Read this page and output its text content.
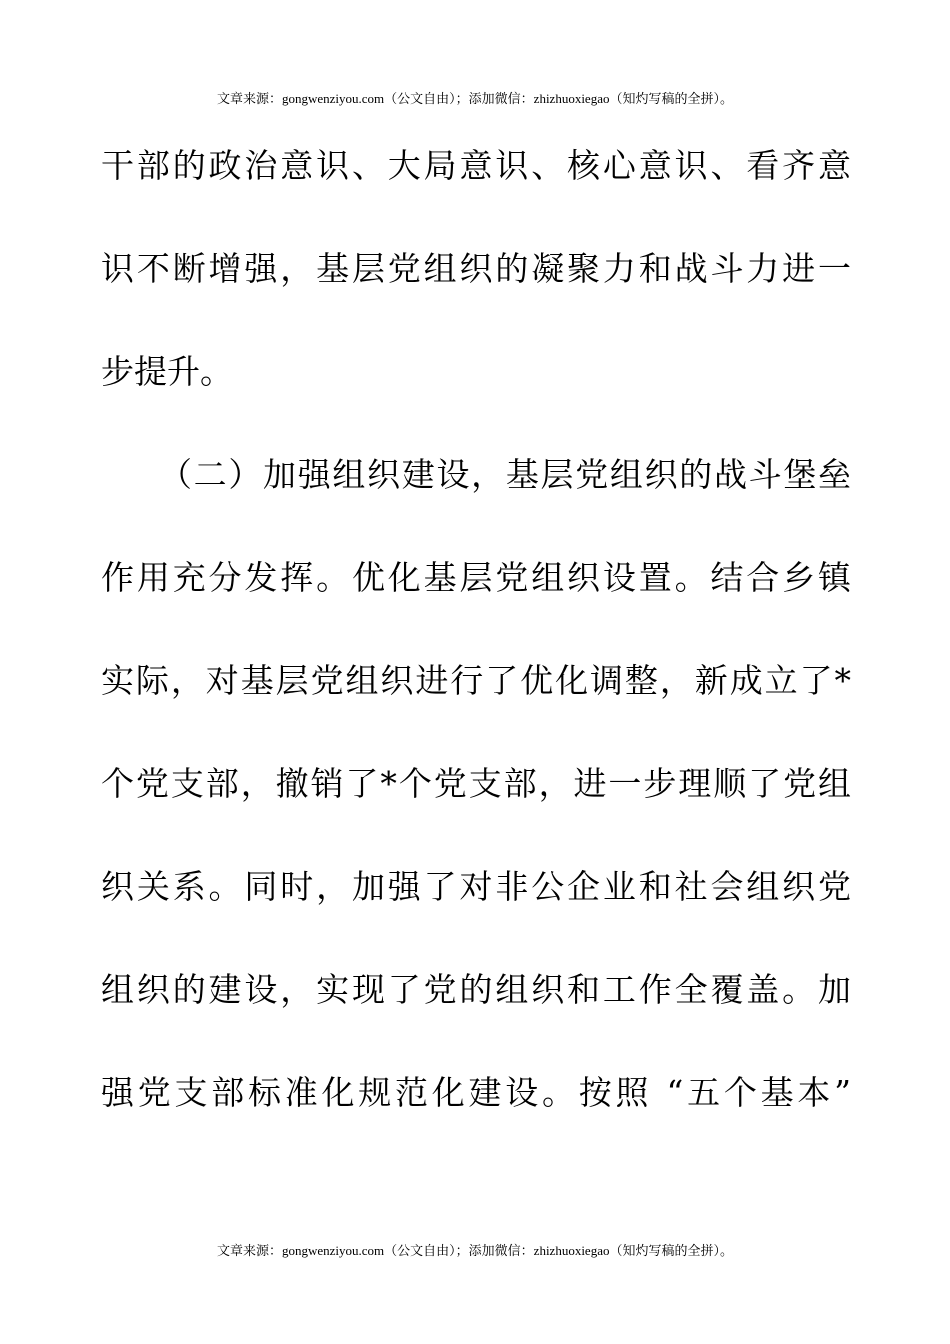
文章来源：gongwenziyou.com（公文自由）；添加微信：zhizhuoxiegao（知灼写稿的全拼）。
干部的政治意识、大局意识、核心意识、看齐意
识不断增强，基层党组织的凝聚力和战斗力进一
步提升。
（二）加强组织建设，基层党组织的战斗堡垒
作用充分发挥。优化基层党组织设置。结合乡镇
实际，对基层党组织进行了优化调整，新成立了*
个党支部，撤销了*个党支部，进一步理顺了党组
织关系。同时，加强了对非公企业和社会组织党
组织的建设，实现了党的组织和工作全覆盖。加
强党支部标准化规范化建设。按照 “五个基本”
文章来源：gongwenziyou.com（公文自由）；添加微信：zhizhuoxiegao（知灼写稿的全拼）。
